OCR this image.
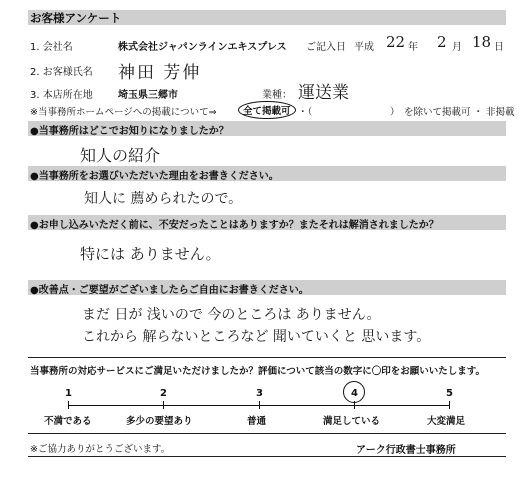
お客様アンケート
1. 会社名	株式会社ジャパンラインエキスプレス ご記入日 平成 22 年 2 月 18 日
2. お客様氏名 神田 芳伸
3. 本店所在地	埼玉県三郷市	業種： 運送業
※当事務所ホームページへの掲載について⇒	全て掲載可 ・（	） を除いて掲載可 ・ 非掲載
●当事務所はどこでお知りになりましたか？
知人の紹介
●当事務所をお選びいただいた理由をお書きください。
知人に 薦められたので。
●お申し込みいただく前に、不安だったことはありますか？またそれは解消されましたか？
特には ありません。
●改善点・ご要望がございましたらご自由にお書きください。
まだ 日が 浅いので 今のところは ありません。
これから 解らないところなど 聞いていくと 思います。
当事務所の対応サービスにご満足いただけましたか？評価について該当の数字に〇印をお願いいたします。
1	2	3	4	5
不満である	多少の要望あり	普通	満足している	大変満足
※ご協力ありがとうございます。	アーク行政書士事務所
